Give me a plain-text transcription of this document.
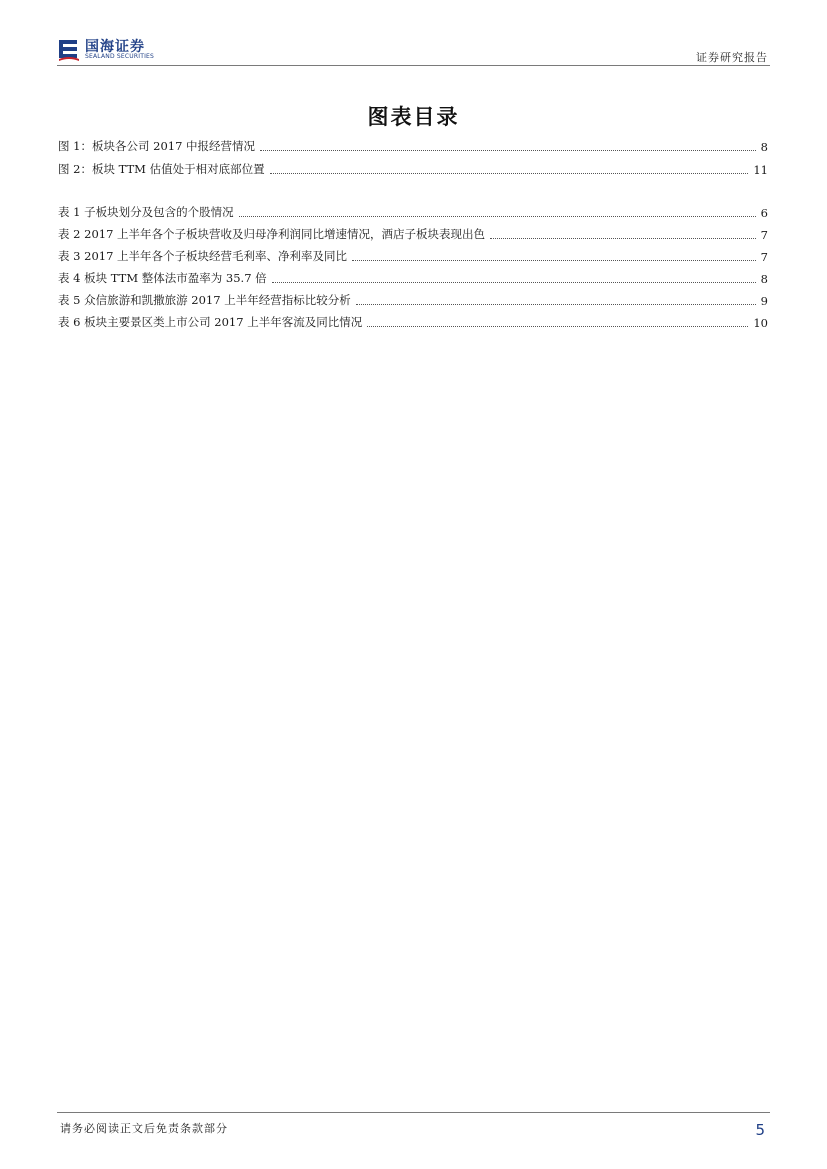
国海证券
SEALAND SECURITIES	证券研究报告
图表目录
图 1：板块各公司 2017 中报经营情况	8
图 2：板块 TTM 估值处于相对底部位置	11
表 1 子板块划分及包含的个股情况	6
表 2 2017 上半年各个子板块营收及归母净利润同比增速情况，酒店子板块表现出色	7
表 3 2017 上半年各个子板块经营毛利率、净利率及同比	7
表 4 板块 TTM 整体法市盈率为 35.7 倍	8
表 5 众信旅游和凯撒旅游 2017 上半年经营指标比较分析	9
表 6 板块主要景区类上市公司 2017 上半年客流及同比情况	10
请务必阅读正文后免责条款部分	5
